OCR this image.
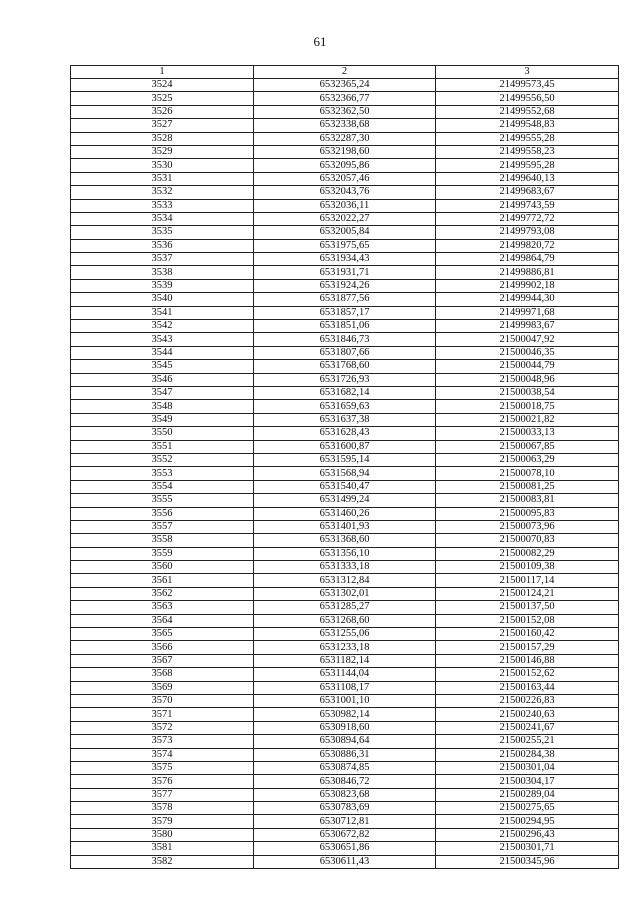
61
1	2	3
3524	6532365,24	21499573,45
3525	6532366,77	21499556,50
3526	6532362,50	21499552,68
3527	6532338,68	21499548,83
3528	6532287,30	21499555,28
3529	6532198,60	21499558,23
3530	6532095,86	21499595,28
3531	6532057,46	21499640,13
3532	6532043,76	21499683,67
3533	6532036,11	21499743,59
3534	6532022,27	21499772,72
3535	6532005,84	21499793,08
3536	6531975,65	21499820,72
3537	6531934,43	21499864,79
3538	6531931,71	21499886,81
3539	6531924,26	21499902,18
3540	6531877,56	21499944,30
3541	6531857,17	21499971,68
3542	6531851,06	21499983,67
3543	6531846,73	21500047,92
3544	6531807,66	21500046,35
3545	6531768,60	21500044,79
3546	6531726,93	21500048,96
3547	6531682,14	21500038,54
3548	6531659,63	21500018,75
3549	6531637,38	21500021,82
3550	6531628,43	21500033,13
3551	6531600,87	21500067,85
3552	6531595,14	21500063,29
3553	6531568,94	21500078,10
3554	6531540,47	21500081,25
3555	6531499,24	21500083,81
3556	6531460,26	21500095,83
3557	6531401,93	21500073,96
3558	6531368,60	21500070,83
3559	6531356,10	21500082,29
3560	6531333,18	21500109,38
3561	6531312,84	21500117,14
3562	6531302,01	21500124,21
3563	6531285,27	21500137,50
3564	6531268,60	21500152,08
3565	6531255,06	21500160,42
3566	6531233,18	21500157,29
3567	6531182,14	21500146,88
3568	6531144,04	21500152,62
3569	6531108,17	21500163,44
3570	6531001,10	21500226,83
3571	6530982,14	21500240,63
3572	6530918,60	21500241,67
3573	6530894,64	21500255,21
3574	6530886,31	21500284,38
3575	6530874,85	21500301,04
3576	6530846,72	21500304,17
3577	6530823,68	21500289,04
3578	6530783,69	21500275,65
3579	6530712,81	21500294,95
3580	6530672,82	21500296,43
3581	6530651,86	21500301,71
3582	6530611,43	21500345,96
